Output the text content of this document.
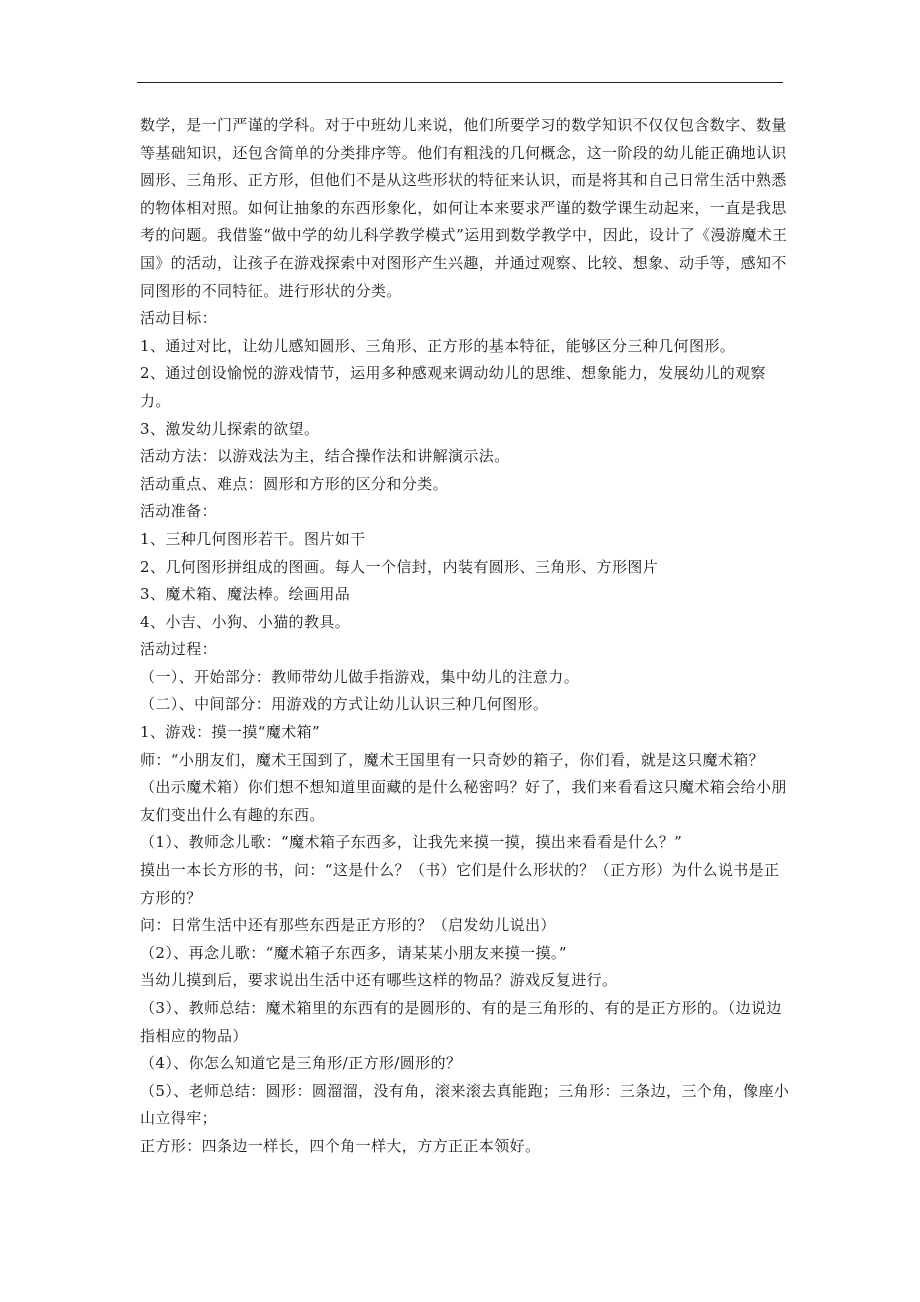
数学，是一门严谨的学科。对于中班幼儿来说，他们所要学习的数学知识不仅仅包含数字、数量等基础知识，还包含简单的分类排序等。他们有粗浅的几何概念，这一阶段的幼儿能正确地认识圆形、三角形、正方形，但他们不是从这些形状的特征来认识，而是将其和自己日常生活中熟悉的物体相对照。如何让抽象的东西形象化，如何让本来要求严谨的数学课生动起来，一直是我思考的问题。我借鉴“做中学的幼儿科学教学模式”运用到数学教学中，因此，设计了《漫游魔术王国》的活动，让孩子在游戏探索中对图形产生兴趣，并通过观察、比较、想象、动手等，感知不同图形的不同特征。进行形状的分类。

活动目标：

1、通过对比，让幼儿感知圆形、三角形、正方形的基本特征，能够区分三种几何图形。

2、通过创设愉悦的游戏情节，运用多种感观来调动幼儿的思维、想象能力，发展幼儿的观察力。

3、激发幼儿探索的欲望。

活动方法：以游戏法为主，结合操作法和讲解演示法。

活动重点、难点：圆形和方形的区分和分类。

活动准备：

1、三种几何图形若干。图片如干

2、几何图形拼组成的图画。每人一个信封，内装有圆形、三角形、方形图片

3、魔术箱、魔法棒。绘画用品

4、小吉、小狗、小猫的教具。

活动过程：

（一）、开始部分：教师带幼儿做手指游戏，集中幼儿的注意力。

（二）、中间部分：用游戏的方式让幼儿认识三种几何图形。

1、游戏：摸一摸“魔术箱”

师：“小朋友们，魔术王国到了，魔术王国里有一只奇妙的箱子，你们看，就是这只魔术箱？（出示魔术箱）你们想不想知道里面藏的是什么秘密吗？好了，我们来看看这只魔术箱会给小朋友们变出什么有趣的东西。

（1）、教师念儿歌：“魔术箱子东西多，让我先来摸一摸，摸出来看看是什么？”

摸出一本长方形的书，问：“这是什么？（书）它们是什么形状的？（正方形）为什么说书是正方形的？

问：日常生活中还有那些东西是正方形的？（启发幼儿说出）

（2）、再念儿歌：“魔术箱子东西多，请某某小朋友来摸一摸。”

当幼儿摸到后，要求说出生活中还有哪些这样的物品？游戏反复进行。

（3）、教师总结：魔术箱里的东西有的是圆形的、有的是三角形的、有的是正方形的。（边说边指相应的物品）

（4）、你怎么知道它是三角形/正方形/圆形的？

（5）、老师总结：圆形：圆溜溜，没有角，滚来滚去真能跑；三角形：三条边，三个角，像座小山立得牢；

正方形：四条边一样长，四个角一样大，方方正正本领好。
